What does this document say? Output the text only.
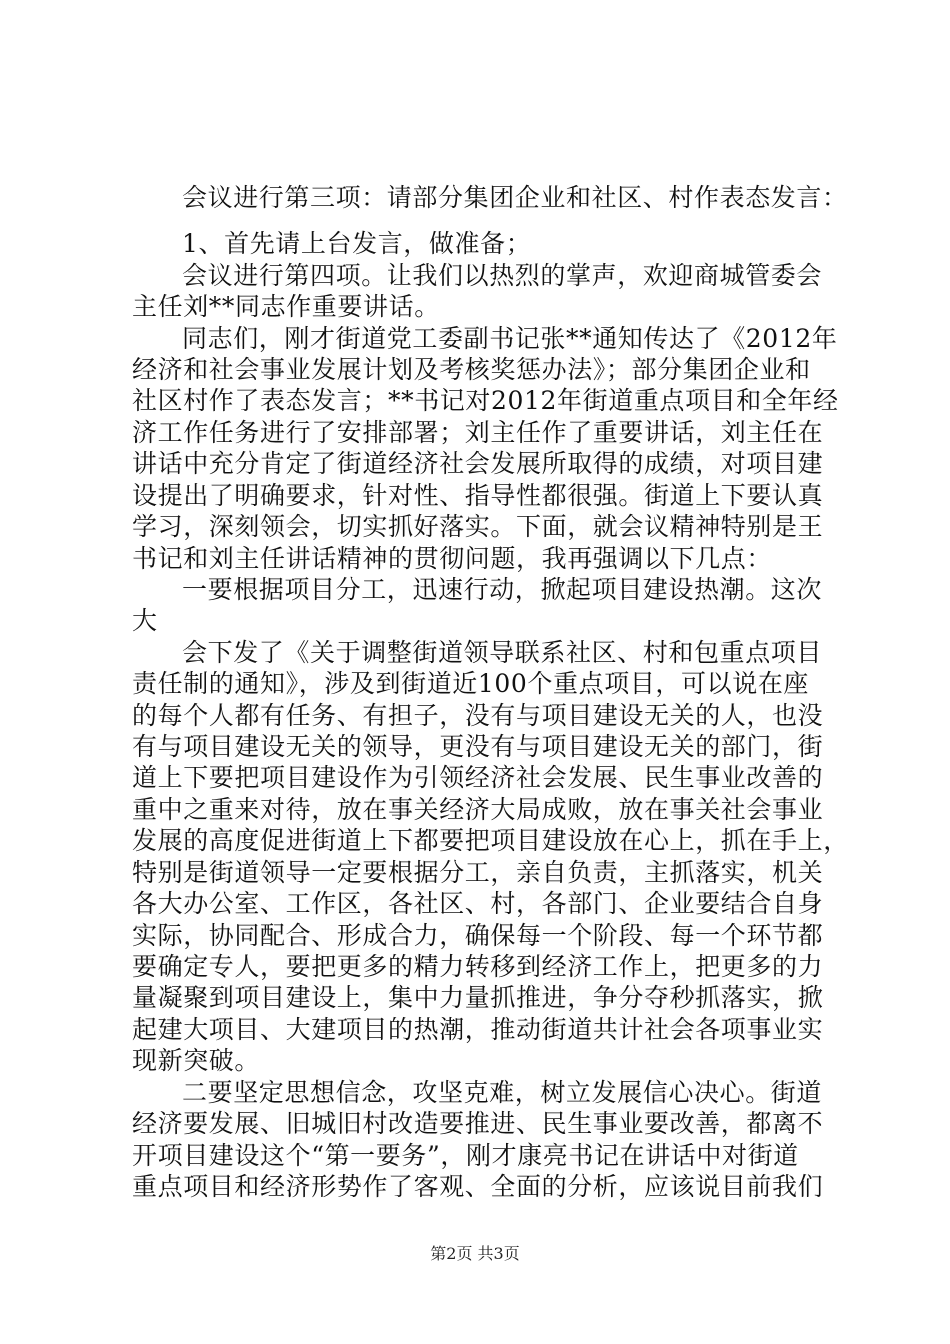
会议进行第三项：请部分集团企业和社区、村作表态发言：
1、首先请上台发言，做准备；
会议进行第四项。让我们以热烈的掌声，欢迎商城管委会
主任刘**同志作重要讲话。
同志们，刚才街道党工委副书记张**通知传达了《2012年
经济和社会事业发展计划及考核奖惩办法》；部分集团企业和
社区村作了表态发言；**书记对2012年街道重点项目和全年经
济工作任务进行了安排部署；刘主任作了重要讲话，刘主任在
讲话中充分肯定了街道经济社会发展所取得的成绩，对项目建
设提出了明确要求，针对性、指导性都很强。街道上下要认真
学习，深刻领会，切实抓好落实。下面，就会议精神特别是王
书记和刘主任讲话精神的贯彻问题，我再强调以下几点：
一要根据项目分工，迅速行动，掀起项目建设热潮。这次
大
会下发了《关于调整街道领导联系社区、村和包重点项目
责任制的通知》，涉及到街道近100个重点项目，可以说在座
的每个人都有任务、有担子，没有与项目建设无关的人，也没
有与项目建设无关的领导，更没有与项目建设无关的部门，街
道上下要把项目建设作为引领经济社会发展、民生事业改善的
重中之重来对待，放在事关经济大局成败，放在事关社会事业
发展的高度促进街道上下都要把项目建设放在心上，抓在手上，
特别是街道领导一定要根据分工，亲自负责，主抓落实，机关
各大办公室、工作区，各社区、村，各部门、企业要结合自身
实际，协同配合、形成合力，确保每一个阶段、每一个环节都
要确定专人，要把更多的精力转移到经济工作上，把更多的力
量凝聚到项目建设上，集中力量抓推进，争分夺秒抓落实，掀
起建大项目、大建项目的热潮，推动街道共计社会各项事业实
现新突破。
二要坚定思想信念，攻坚克难，树立发展信心决心。街道
经济要发展、旧城旧村改造要推进、民生事业要改善，都离不
开项目建设这个“第一要务”，刚才康亮书记在讲话中对街道
重点项目和经济形势作了客观、全面的分析，应该说目前我们
第2页 共3页
